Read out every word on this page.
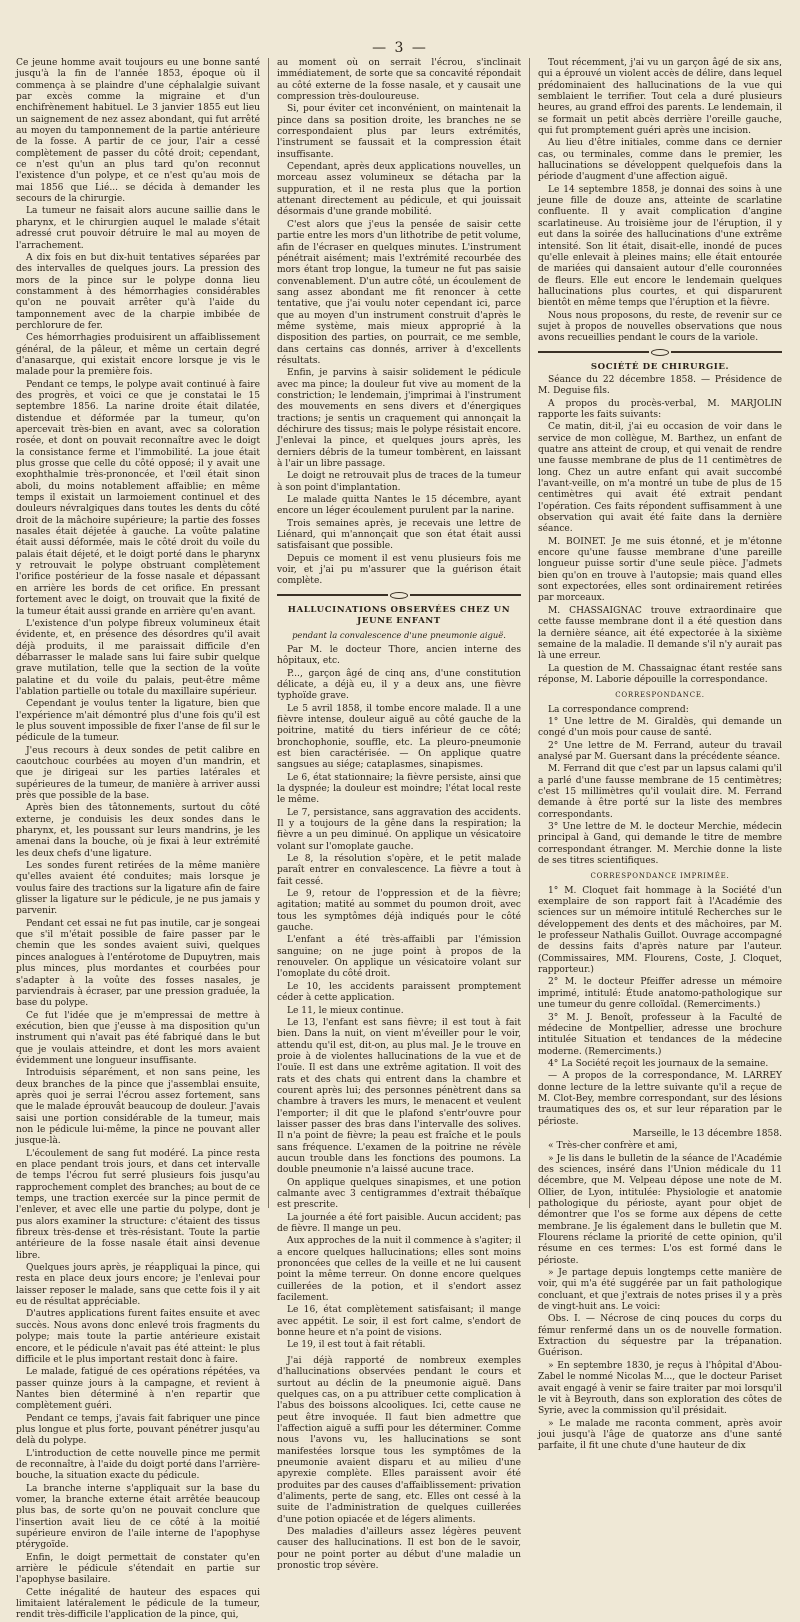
— 3 —

Ce jeune homme avait toujours eu une bonne santé jusqu'à la fin de l'année 1853, époque où il commença à se plaindre d'une céphalalgie suivant par excès comme la migraine et d'un enchifrènement habituel. Le 3 janvier 1855 eut lieu un saignement de nez assez abondant, qui fut arrêté au moyen du tamponnement de la partie antérieure de la fosse. A partir de ce jour, l'air a cessé complètement de passer du côté droit; cependant, ce n'est qu'un an plus tard qu'on reconnut l'existence d'un polype, et ce n'est qu'au mois de mai 1856 que Lié... se décida à demander les secours de la chirurgie.

La tumeur ne faisait alors aucune saillie dans le pharynx, et le chirurgien auquel le malade s'était adressé crut pouvoir détruire le mal au moyen de l'arrachement.

A dix fois en but dix-huit tentatives séparées par des intervalles de quelques jours. La pression des mors de la pince sur le polype donna lieu constamment à des hémorrhagies considérables qu'on ne pouvait arrêter qu'à l'aide du tamponnement avec de la charpie imbibée de perchlorure de fer.

Ces hémorrhagies produisirent un affaiblissement général, de la pâleur, et même un certain degré d'anasarque, qui existait encore lorsque je vis le malade pour la première fois.

Pendant ce temps, le polype avait continué à faire des progrès, et voici ce que je constatai le 15 septembre 1856. La narine droite était dilatée, distendue et déformée par la tumeur, qu'on apercevait très-bien en avant, avec sa coloration rosée, et dont on pouvait reconnaître avec le doigt la consistance ferme et l'immobilité. La joue était plus grosse que celle du côté opposé; il y avait une exophthalmie très-prononcée, et l'œil était sinon aboli, du moins notablement affaiblie; en même temps il existait un larmoiement continuel et des douleurs névralgiques dans toutes les dents du côté droit de la mâchoire supérieure; la partie des fosses nasales était déjetée à gauche. La voûte palatine était aussi déformée, mais le côté droit du voile du palais était déjeté, et le doigt porté dans le pharynx y retrouvait le polype obstruant complètement l'orifice postérieur de la fosse nasale et dépassant en arrière les bords de cet orifice. En pressant fortement avec le doigt, on trouvait que la fixité de la tumeur était aussi grande en arrière qu'en avant.

L'existence d'un polype fibreux volumineux était évidente, et, en présence des désordres qu'il avait déjà produits, il me paraissait difficile d'en débarrasser le malade sans lui faire subir quelque grave mutilation, telle que la section de la voûte palatine et du voile du palais, peut-être même l'ablation partielle ou totale du maxillaire supérieur.

Cependant je voulus tenter la ligature, bien que l'expérience m'ait démontré plus d'une fois qu'il est le plus souvent impossible de fixer l'anse de fil sur le pédicule de la tumeur.

J'eus recours à deux sondes de petit calibre en caoutchouc courbées au moyen d'un mandrin, et que je dirigeai sur les parties latérales et supérieures de la tumeur, de manière à arriver aussi près que possible de la base.

Après bien des tâtonnements, surtout du côté externe, je conduisis les deux sondes dans le pharynx, et, les poussant sur leurs mandrins, je les amenai dans la bouche, où je fixai à leur extrémité les deux chefs d'une ligature.

Les sondes furent retirées de la même manière qu'elles avaient été conduites; mais lorsque je voulus faire des tractions sur la ligature afin de faire glisser la ligature sur le pédicule, je ne pus jamais y parvenir.

Pendant cet essai ne fut pas inutile, car je songeai que s'il m'était possible de faire passer par le chemin que les sondes avaient suivi, quelques pinces analogues à l'entérotome de Dupuytren, mais plus minces, plus mordantes et courbées pour s'adapter à la voûte des fosses nasales, je parviendrais à écraser, par une pression graduée, la base du polype.

Ce fut l'idée que je m'empressai de mettre à exécution, bien que j'eusse à ma disposition qu'un instrument qui n'avait pas été fabriqué dans le but que je voulais atteindre, et dont les mors avaient évidemment une longueur insuffisante.

Introduisis séparément, et non sans peine, les deux branches de la pince que j'assemblai ensuite, après quoi je serrai l'écrou assez fortement, sans que le malade éprouvât beaucoup de douleur. J'avais saisi une portion considérable de la tumeur, mais non le pédicule lui-même, la pince ne pouvant aller jusque-là.

L'écoulement de sang fut modéré. La pince resta en place pendant trois jours, et dans cet intervalle de temps l'écrou fut serré plusieurs fois jusqu'au rapprochement complet des branches; au bout de ce temps, une traction exercée sur la pince permit de l'enlever, et avec elle une partie du polype, dont je pus alors examiner la structure: c'étaient des tissus fibreux très-dense et très-résistant. Toute la partie antérieure de la fosse nasale était ainsi devenue libre.

Quelques jours après, je réappliquai la pince, qui resta en place deux jours encore; je l'enlevai pour laisser reposer le malade, sans que cette fois il y ait eu de résultat appréciable.

D'autres applications furent faites ensuite et avec succès. Nous avons donc enlevé trois fragments du polype; mais toute la partie antérieure existait encore, et le pédicule n'avait pas été atteint: le plus difficile et le plus important restait donc à faire.

Le malade, fatigué de ces opérations répétées, va passer quinze jours à la campagne, et revient à Nantes bien déterminé à n'en repartir que complètement guéri.

Pendant ce temps, j'avais fait fabriquer une pince plus longue et plus forte, pouvant pénétrer jusqu'au delà du polype.

L'introduction de cette nouvelle pince me permit de reconnaître, à l'aide du doigt porté dans l'arrière-bouche, la situation exacte du pédicule.

La branche interne s'appliquait sur la base du vomer, la branche externe était arrêtée beaucoup plus bas, de sorte qu'on ne pouvait conclure que l'insertion avait lieu de ce côté à la moitié supérieure environ de l'aile interne de l'apophyse ptérygoïde.

Enfin, le doigt permettait de constater qu'en arrière le pédicule s'étendait en partie sur l'apophyse basilaire.

Cette inégalité de hauteur des espaces qui limitaient latéralement le pédicule de la tumeur, rendit très-difficile l'application de la pince, qui,

au moment où on serrait l'écrou, s'inclinait immédiatement, de sorte que sa concavité répondait au côté externe de la fosse nasale, et y causait une compression très-douloureuse.

Si, pour éviter cet inconvénient, on maintenait la pince dans sa position droite, les branches ne se correspondaient plus par leurs extrémités, l'instrument se faussait et la compression était insuffisante.

Cependant, après deux applications nouvelles, un morceau assez volumineux se détacha par la suppuration, et il ne resta plus que la portion attenant directement au pédicule, et qui jouissait désormais d'une grande mobilité.

C'est alors que j'eus la pensée de saisir cette partie entre les mors d'un lithotribe de petit volume, afin de l'écraser en quelques minutes. L'instrument pénétrait aisément; mais l'extrémité recourbée des mors étant trop longue, la tumeur ne fut pas saisie convenablement. D'un autre côté, un écoulement de sang assez abondant me fit renoncer à cette tentative, que j'ai voulu noter cependant ici, parce que au moyen d'un instrument construit d'après le même système, mais mieux approprié à la disposition des parties, on pourrait, ce me semble, dans certains cas donnés, arriver à d'excellents résultats.

Enfin, je parvins à saisir solidement le pédicule avec ma pince; la douleur fut vive au moment de la constriction; le lendemain, j'imprimai à l'instrument des mouvements en sens divers et d'énergiques tractions; je sentis un craquement qui annonçait la déchirure des tissus; mais le polype résistait encore. J'enlevai la pince, et quelques jours après, les derniers débris de la tumeur tombèrent, en laissant à l'air un libre passage.

Le doigt ne retrouvait plus de traces de la tumeur à son point d'implantation.

Le malade quitta Nantes le 15 décembre, ayant encore un léger écoulement purulent par la narine.

Trois semaines après, je recevais une lettre de Liénard, qui m'annonçait que son état était aussi satisfaisant que possible.

Depuis ce moment il est venu plusieurs fois me voir, et j'ai pu m'assurer que la guérison était complète.

HALLUCINATIONS OBSERVÉES CHEZ UN JEUNE ENFANT
pendant la convalescence d'une pneumonie aiguë.

Par M. le docteur Thore, ancien interne des hôpitaux, etc.

P..., garçon âgé de cinq ans, d'une constitution délicate, a déjà eu, il y a deux ans, une fièvre typhoïde grave.

Le 5 avril 1858, il tombe encore malade. Il a une fièvre intense, douleur aiguë au côté gauche de la poitrine, matité du tiers inférieur de ce côté; bronchophonie, souffle, etc. La pleuro-pneumonie est bien caractérisée. — On applique quatre sangsues au siége; cataplasmes, sinapismes.

Le 6, état stationnaire; la fièvre persiste, ainsi que la dyspnée; la douleur est moindre; l'état local reste le même.

Le 7, persistance, sans aggravation des accidents. Il y a toujours de la gêne dans la respiration; la fièvre a un peu diminué. On applique un vésicatoire volant sur l'omoplate gauche.

Le 8, la résolution s'opère, et le petit malade paraît entrer en convalescence. La fièvre a tout à fait cessé.

Le 9, retour de l'oppression et de la fièvre; agitation; matité au sommet du poumon droit, avec tous les symptômes déjà indiqués pour le côté gauche.

L'enfant a été très-affaibli par l'émission sanguine; on ne juge point à propos de la renouveler. On applique un vésicatoire volant sur l'omoplate du côté droit.

Le 10, les accidents paraissent promptement céder à cette application.

Le 11, le mieux continue.

Le 13, l'enfant est sans fièvre; il est tout à fait bien. Dans la nuit, on vient m'éveiller pour le voir, attendu qu'il est, dit-on, au plus mal. Je le trouve en proie à de violentes hallucinations de la vue et de l'ouïe. Il est dans une extrême agitation. Il voit des rats et des chats qui entrent dans la chambre et courent après lui; des personnes pénètrent dans sa chambre à travers les murs, le menacent et veulent l'emporter; il dit que le plafond s'entr'ouvre pour laisser passer des bras dans l'intervalle des solives. Il n'a point de fièvre; la peau est fraîche et le pouls sans fréquence. L'examen de la poitrine ne révèle aucun trouble dans les fonctions des poumons. La double pneumonie n'a laissé aucune trace.

On applique quelques sinapismes, et une potion calmante avec 3 centigrammes d'extrait thébaïque est prescrite.

La journée a été fort paisible. Aucun accident; pas de fièvre. Il mange un peu.

Aux approches de la nuit il commence à s'agiter; il a encore quelques hallucinations; elles sont moins prononcées que celles de la veille et ne lui causent point la même terreur. On donne encore quelques cuillerées de la potion, et il s'endort assez facilement.

Le 16, état complètement satisfaisant; il mange avec appétit. Le soir, il est fort calme, s'endort de bonne heure et n'a point de visions.

Le 19, il est tout à fait rétabli.

J'ai déjà rapporté de nombreux exemples d'hallucinations observées pendant le cours et surtout au déclin de la pneumonie aiguë. Dans quelques cas, on a pu attribuer cette complication à l'abus des boissons alcooliques. Ici, cette cause ne peut être invoquée. Il faut bien admettre que l'affection aiguë a suffi pour les déterminer. Comme nous l'avons vu, les hallucinations se sont manifestées lorsque tous les symptômes de la pneumonie avaient disparu et au milieu d'une apyrexie complète. Elles paraissent avoir été produites par des causes d'affaiblissement: privation d'aliments, perte de sang, etc. Elles ont cessé à la suite de l'administration de quelques cuillerées d'une potion opiacée et de légers aliments.

Des maladies d'ailleurs assez légères peuvent causer des hallucinations. Il est bon de le savoir, pour ne point porter au début d'une maladie un pronostic trop sévère.

Tout récemment, j'ai vu un garçon âgé de six ans, qui a éprouvé un violent accès de délire, dans lequel prédominaient des hallucinations de la vue qui semblaient le terrifier. Tout cela a duré plusieurs heures, au grand effroi des parents. Le lendemain, il se formait un petit abcès derrière l'oreille gauche, qui fut promptement guéri après une incision.

Au lieu d'être initiales, comme dans ce dernier cas, ou terminales, comme dans le premier, les hallucinations se développent quelquefois dans la période d'augment d'une affection aiguë.

Le 14 septembre 1858, je donnai des soins à une jeune fille de douze ans, atteinte de scarlatine confluente. Il y avait complication d'angine scarlatineuse. Au troisième jour de l'éruption, il y eut dans la soirée des hallucinations d'une extrême intensité. Son lit était, disait-elle, inondé de puces qu'elle enlevait à pleines mains; elle était entourée de mariées qui dansaient autour d'elle couronnées de fleurs. Elle eut encore le lendemain quelques hallucinations plus courtes, et qui disparurent bientôt en même temps que l'éruption et la fièvre.

Nous nous proposons, du reste, de revenir sur ce sujet à propos de nouvelles observations que nous avons recueillies pendant le cours de la variole.

SOCIÉTÉ DE CHIRURGIE.

Séance du 22 décembre 1858. — Présidence de M. Deguise fils.

A propos du procès-verbal, M. MARJOLIN rapporte les faits suivants:

Ce matin, dit-il, j'ai eu occasion de voir dans le service de mon collègue, M. Barthez, un enfant de quatre ans atteint de croup, et qui venait de rendre une fausse membrane de plus de 11 centimètres de long. Chez un autre enfant qui avait succombé l'avant-veille, on m'a montré un tube de plus de 15 centimètres qui avait été extrait pendant l'opération. Ces faits répondent suffisamment à une observation qui avait été faite dans la dernière séance.

M. BOINET. Je me suis étonné, et je m'étonne encore qu'une fausse membrane d'une pareille longueur puisse sortir d'une seule pièce. J'admets bien qu'on en trouve à l'autopsie; mais quand elles sont expectorées, elles sont ordinairement retirées par morceaux.

M. CHASSAIGNAC trouve extraordinaire que cette fausse membrane dont il a été question dans la dernière séance, ait été expectorée à la sixième semaine de la maladie. Il demande s'il n'y aurait pas là une erreur.

La question de M. Chassaignac étant restée sans réponse, M. Laborie dépouille la correspondance.

CORRESPONDANCE.

La correspondance comprend:

1° Une lettre de M. Giraldès, qui demande un congé d'un mois pour cause de santé.

2° Une lettre de M. Ferrand, auteur du travail analysé par M. Guersant dans la précédente séance.

M. Ferrand dit que c'est par un lapsus calami qu'il a parlé d'une fausse membrane de 15 centimètres; c'est 15 millimètres qu'il voulait dire. M. Ferrand demande à être porté sur la liste des membres correspondants.

3° Une lettre de M. le docteur Merchie, médecin principal à Gand, qui demande le titre de membre correspondant étranger. M. Merchie donne la liste de ses titres scientifiques.

CORRESPONDANCE IMPRIMÉE.

1° M. Cloquet fait hommage à la Société d'un exemplaire de son rapport fait à l'Académie des sciences sur un mémoire intitulé Recherches sur le développement des dents et des mâchoires, par M. le professeur Nathalis Guillot. Ouvrage accompagné de dessins faits d'après nature par l'auteur. (Commissaires, MM. Flourens, Coste, J. Cloquet, rapporteur.)

2° M. le docteur Pfeiffer adresse un mémoire imprimé, intitulé: Étude anatomo-pathologique sur une tumeur du genre colloïdal. (Remerciments.)

3° M. J. Benoît, professeur à la Faculté de médecine de Montpellier, adresse une brochure intitulée Situation et tendances de la médecine moderne. (Remerciments.)

4° La Société reçoit les journaux de la semaine.

— A propos de la correspondance, M. LARREY donne lecture de la lettre suivante qu'il a reçue de M. Clot-Bey, membre correspondant, sur des lésions traumatiques des os, et sur leur réparation par le périoste.

Marseille, le 13 décembre 1858.

« Très-cher confrère et ami,

» Je lis dans le bulletin de la séance de l'Académie des sciences, inséré dans l'Union médicale du 11 décembre, que M. Velpeau dépose une note de M. Ollier, de Lyon, intitulée: Physiologie et anatomie pathologique du périoste, ayant pour objet de démontrer que l'os se forme aux dépens de cette membrane. Je lis également dans le bulletin que M. Flourens réclame la priorité de cette opinion, qu'il résume en ces termes: L'os est formé dans le périoste.

» Je partage depuis longtemps cette manière de voir, qui m'a été suggérée par un fait pathologique concluant, et que j'extrais de notes prises il y a près de vingt-huit ans. Le voici:

Obs. I. — Nécrose de cinq pouces du corps du fémur renfermé dans un os de nouvelle formation. Extraction du séquestre par la trépanation. Guérison.

» En septembre 1830, je reçus à l'hôpital d'Abou-Zabel le nommé Nicolas M..., que le docteur Pariset avait engagé à venir se faire traiter par moi lorsqu'il le vit à Beyrouth, dans son exploration des côtes de Syrie, avec la commission qu'il présidait.

» Le malade me raconta comment, après avoir joui jusqu'à l'âge de quatorze ans d'une santé parfaite, il fit une chute d'une hauteur de dix
